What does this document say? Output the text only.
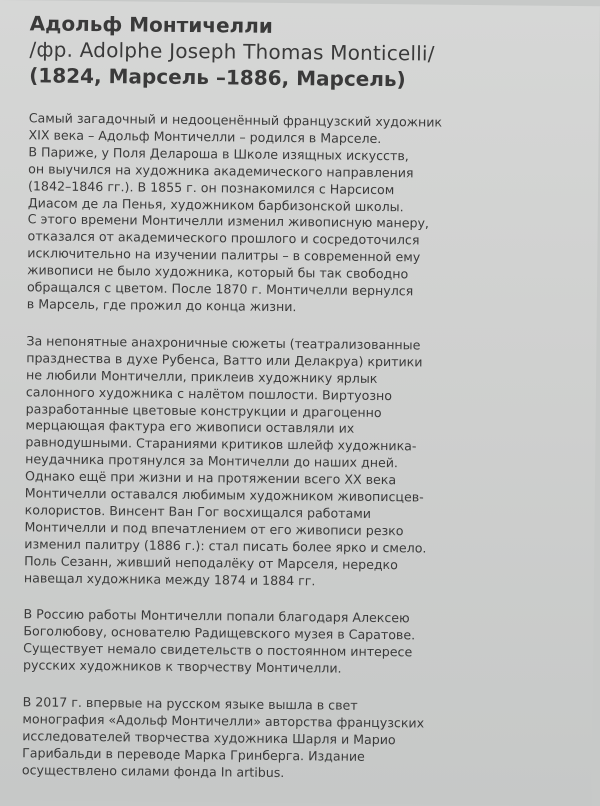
Адольф Монтичелли
/фр. Adolphe Joseph Thomas Monticelli/
(1824, Марсель –1886, Марсель)
Самый загадочный и недооценённый французский художник
XIX века – Адольф Монтичелли – родился в Марселе.
В Париже, у Поля Делароша в Школе изящных искусств,
он выучился на художника академического направления
(1842–1846 гг.). В 1855 г. он познакомился с Нарсисом
Диасом де ла Пенья, художником барбизонской школы.
С этого времени Монтичелли изменил живописную манеру,
отказался от академического прошлого и сосредоточился
исключительно на изучении палитры – в современной ему
живописи не было художника, который бы так свободно
обращался с цветом. После 1870 г. Монтичелли вернулся
в Марсель, где прожил до конца жизни.
За непонятные анахроничные сюжеты (театрализованные
празднества в духе Рубенса, Ватто или Делакруа) критики
не любили Монтичелли, приклеив художнику ярлык
салонного художника с налётом пошлости. Виртуозно
разработанные цветовые конструкции и драгоценно
мерцающая фактура его живописи оставляли их
равнодушными. Стараниями критиков шлейф художника-
неудачника протянулся за Монтичелли до наших дней.
Однако ещё при жизни и на протяжении всего XX века
Монтичелли оставался любимым художником живописцев-
колористов. Винсент Ван Гог восхищался работами
Монтичелли и под впечатлением от его живописи резко
изменил палитру (1886 г.): стал писать более ярко и смело.
Поль Сезанн, живший неподалёку от Марселя, нередко
навещал художника между 1874 и 1884 гг.
В Россию работы Монтичелли попали благодаря Алексею
Боголюбову, основателю Радищевского музея в Саратове.
Существует немало свидетельств о постоянном интересе
русских художников к творчеству Монтичелли.
В 2017 г. впервые на русском языке вышла в свет
монография «Адольф Монтичелли» авторства французских
исследователей творчества художника Шарля и Марио
Гарибальди в переводе Марка Гринберга. Издание
осуществлено силами фонда In artibus.
